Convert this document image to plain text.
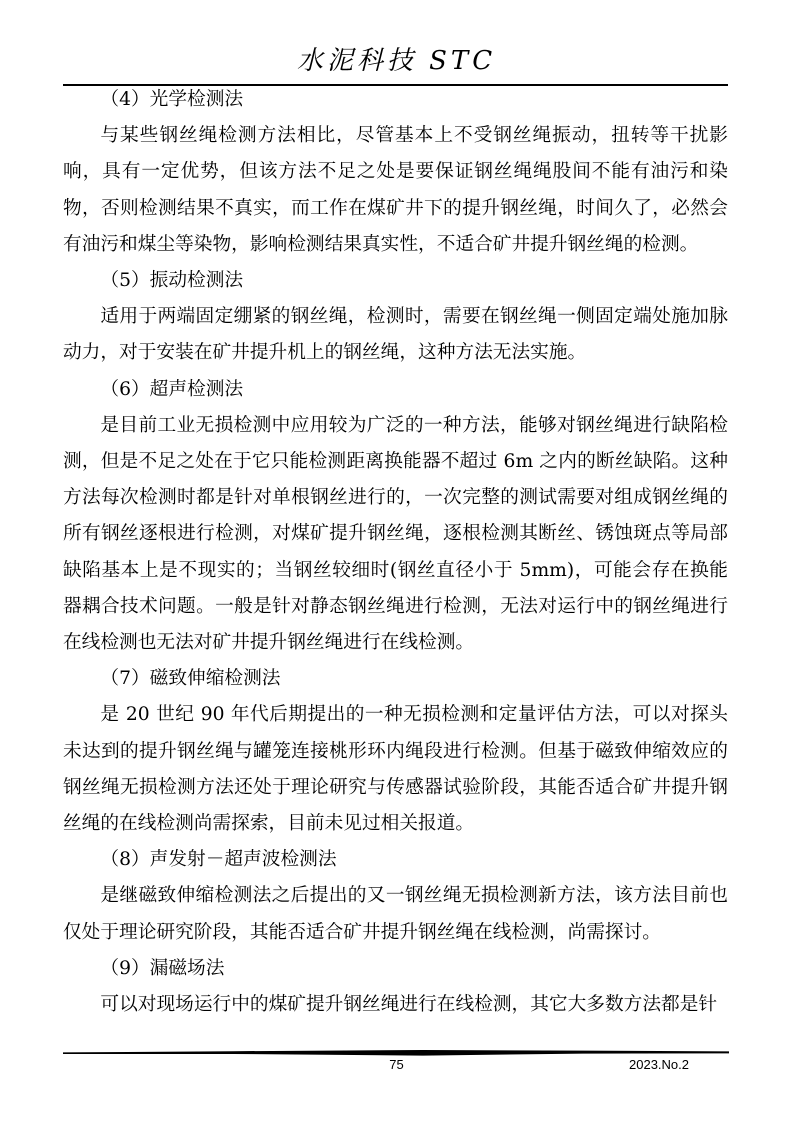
水泥科技 STC
（4）光学检测法

与某些钢丝绳检测方法相比，尽管基本上不受钢丝绳振动，扭转等干扰影响，具有一定优势，但该方法不足之处是要保证钢丝绳绳股间不能有油污和染物，否则检测结果不真实，而工作在煤矿井下的提升钢丝绳，时间久了，必然会有油污和煤尘等染物，影响检测结果真实性，不适合矿井提升钢丝绳的检测。

（5）振动检测法

适用于两端固定绷紧的钢丝绳，检测时，需要在钢丝绳一侧固定端处施加脉动力，对于安装在矿井提升机上的钢丝绳，这种方法无法实施。

（6）超声检测法

是目前工业无损检测中应用较为广泛的一种方法，能够对钢丝绳进行缺陷检测，但是不足之处在于它只能检测距离换能器不超过 6m 之内的断丝缺陷。这种方法每次检测时都是针对单根钢丝进行的，一次完整的测试需要对组成钢丝绳的所有钢丝逐根进行检测，对煤矿提升钢丝绳，逐根检测其断丝、锈蚀斑点等局部缺陷基本上是不现实的；当钢丝较细时(钢丝直径小于 5mm)，可能会存在换能器耦合技术问题。一般是针对静态钢丝绳进行检测，无法对运行中的钢丝绳进行在线检测也无法对矿井提升钢丝绳进行在线检测。

（7）磁致伸缩检测法

是 20 世纪 90 年代后期提出的一种无损检测和定量评估方法，可以对探头未达到的提升钢丝绳与罐笼连接桃形环内绳段进行检测。但基于磁致伸缩效应的钢丝绳无损检测方法还处于理论研究与传感器试验阶段，其能否适合矿井提升钢丝绳的在线检测尚需探索，目前未见过相关报道。

（8）声发射－超声波检测法

是继磁致伸缩检测法之后提出的又一钢丝绳无损检测新方法，该方法目前也仅处于理论研究阶段，其能否适合矿井提升钢丝绳在线检测，尚需探讨。

（9）漏磁场法

可以对现场运行中的煤矿提升钢丝绳进行在线检测，其它大多数方法都是针

75	2023.No.2
